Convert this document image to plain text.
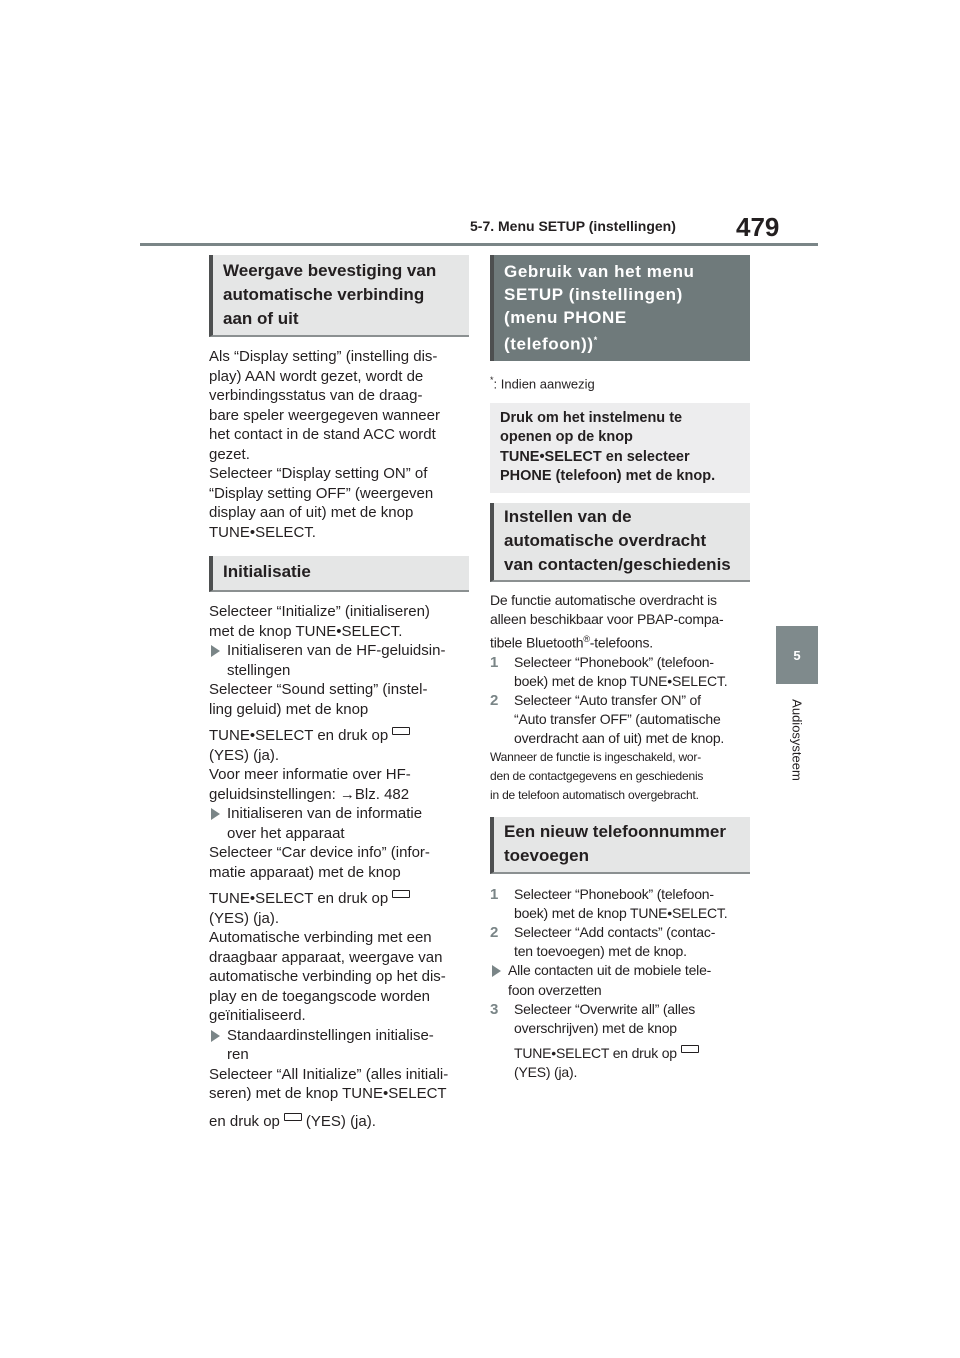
5-7. Menu SETUP (instellingen)	479
5
Audiosysteem
Weergave bevestiging van
automatische verbinding
aan of uit

Als “Display setting” (instelling dis-
play) AAN wordt gezet, wordt de
verbindingsstatus van de draag-
bare speler weergegeven wanneer
het contact in de stand ACC wordt
gezet.
Selecteer “Display setting ON” of
“Display setting OFF” (weergeven
display aan of uit) met de knop
TUNE•SELECT.

Initialisatie

Selecteer “Initialize” (initialiseren)
met de knop TUNE•SELECT.

Initialiseren van de HF-geluidsin-
stellingen

Selecteer “Sound setting” (instel-
ling geluid) met de knop

TUNE•SELECT en druk op
(YES) (ja).
Voor meer informatie over HF-
geluidsinstellingen: →Blz. 482

Initialiseren van de informatie
over het apparaat

Selecteer “Car device info” (infor-
matie apparaat) met de knop

TUNE•SELECT en druk op
(YES) (ja).
Automatische verbinding met een
draagbaar apparaat, weergave van
automatische verbinding op het dis-
play en de toegangscode worden
geïnitialiseerd.

Standaardinstellingen initialise-
ren

Selecteer “All Initialize” (alles initiali-
seren) met de knop TUNE•SELECT

en druk op (YES) (ja).

Gebruik van het menu
SETUP (instellingen)
(menu PHONE
(telefoon))*
*: Indien aanwezig
Druk om het instelmenu te
openen op de knop
TUNE•SELECT en selecteer
PHONE (telefoon) met de knop.
Instellen van de
automatische overdracht
van contacten/geschiedenis

De functie automatische overdracht is
alleen beschikbaar voor PBAP-compa-
tibele Bluetooth®-telefoons.

1 Selecteer “Phonebook” (telefoon-
boek) met de knop TUNE•SELECT.
2 Selecteer “Auto transfer ON” of
“Auto transfer OFF” (automatische
overdracht aan of uit) met de knop.

Wanneer de functie is ingeschakeld, wor-
den de contactgegevens en geschiedenis
in de telefoon automatisch overgebracht.

Een nieuw telefoonnummer
toevoegen
1 Selecteer “Phonebook” (telefoon-
boek) met de knop TUNE•SELECT.
2 Selecteer “Add contacts” (contac-
ten toevoegen) met de knop.
Alle contacten uit de mobiele tele-
foon overzetten
3 Selecteer “Overwrite all” (alles
overschrijven) met de knop
TUNE•SELECT en druk op
(YES) (ja).
